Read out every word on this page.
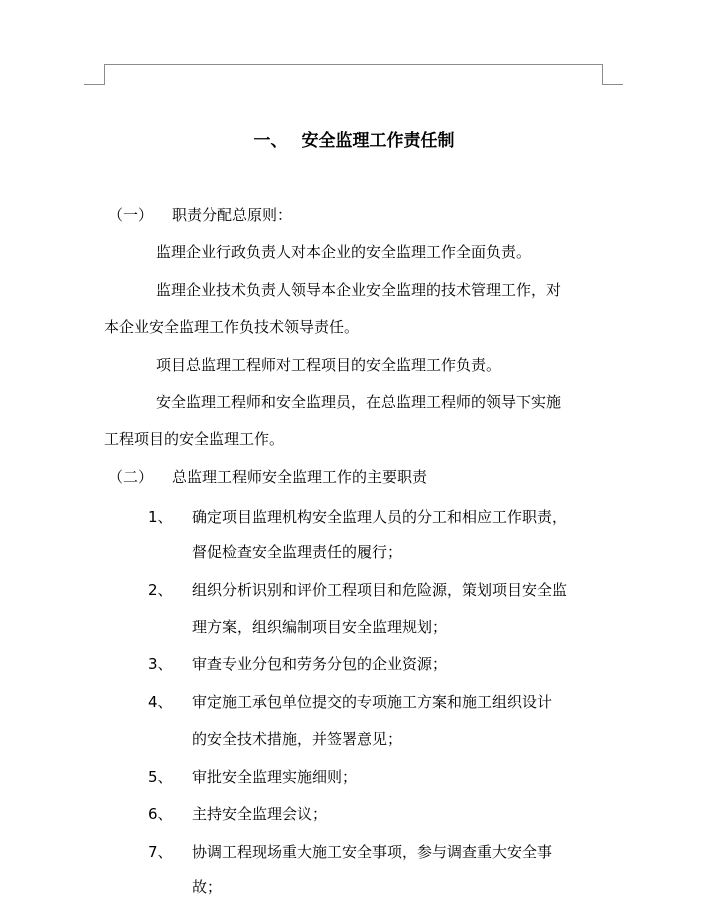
一、 安全监理工作责任制
（一） 职责分配总原则：
监理企业行政负责人对本企业的安全监理工作全面负责。
监理企业技术负责人领导本企业安全监理的技术管理工作，对
本企业安全监理工作负技术领导责任。
项目总监理工程师对工程项目的安全监理工作负责。
安全监理工程师和安全监理员，在总监理工程师的领导下实施
工程项目的安全监理工作。
（二） 总监理工程师安全监理工作的主要职责
1、 确定项目监理机构安全监理人员的分工和相应工作职责，
督促检查安全监理责任的履行；
2、 组织分析识别和评价工程项目和危险源，策划项目安全监
理方案，组织编制项目安全监理规划；
3、 审查专业分包和劳务分包的企业资源；
4、 审定施工承包单位提交的专项施工方案和施工组织设计
的安全技术措施，并签署意见；
5、 审批安全监理实施细则；
6、 主持安全监理会议；
7、 协调工程现场重大施工安全事项，参与调查重大安全事
故；
